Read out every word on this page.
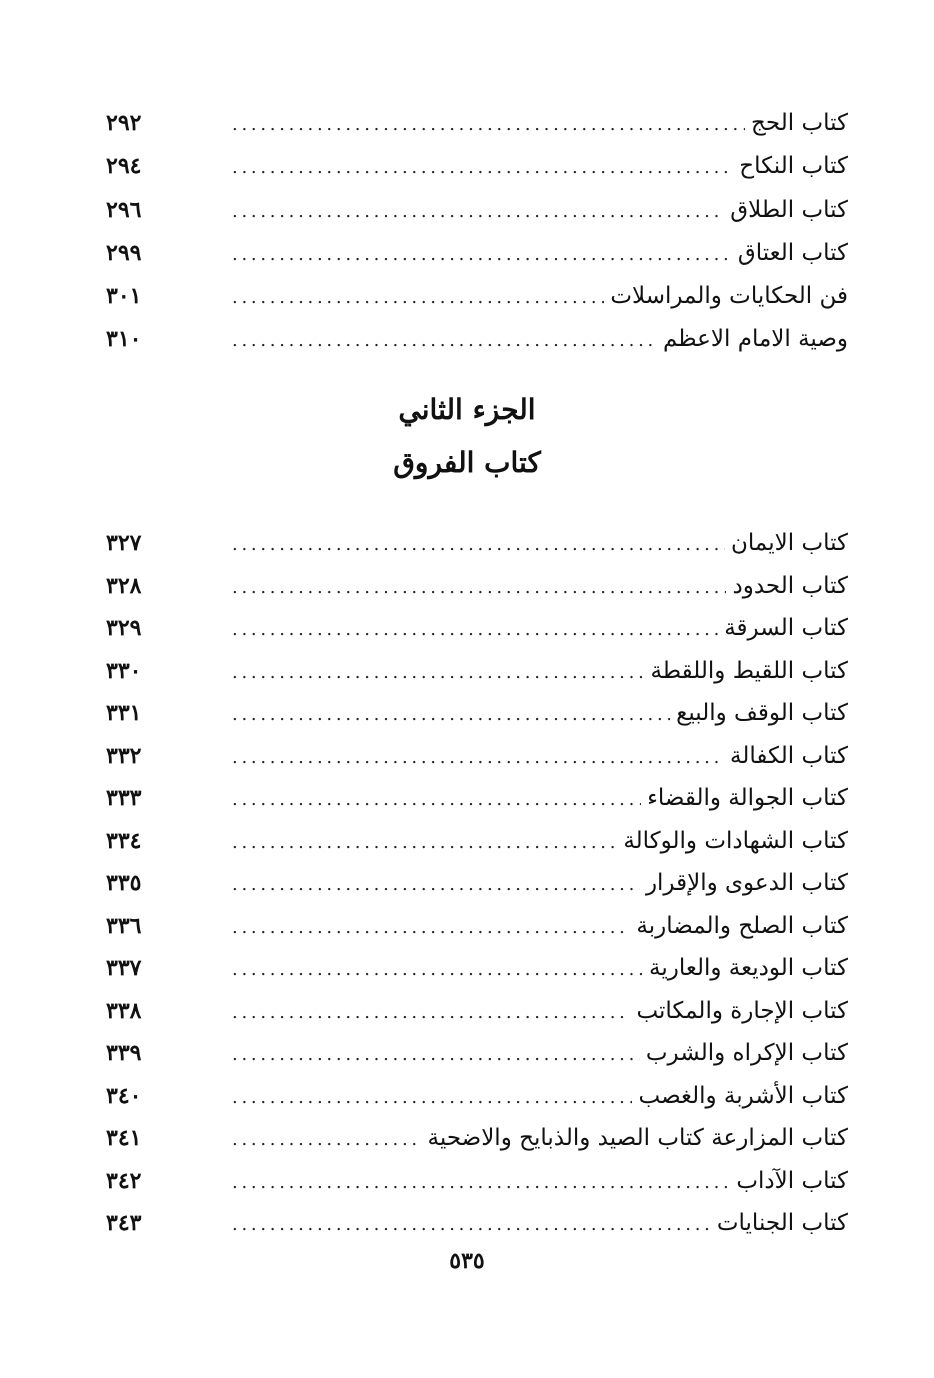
كتاب الحج
. . .
٢٩٢
كتاب النكاح
. . .
٢٩٤
كتاب الطلاق
. . .
٢٩٦
كتاب العتاق
. . .
٢٩٩
فن الحكايات والمراسلات
. . .
٣٠١
وصية الامام الاعظم
. . .
٣١٠
الجزء الثاني
كتاب الفروق
كتاب الايمان
. . .
٣٢٧
كتاب الحدود
. . .
٣٢٨
كتاب السرقة
. . .
٣٢٩
كتاب اللقيط واللقطة
. . .
٣٣٠
كتاب الوقف والبيع
. . .
٣٣١
كتاب الكفالة
. . .
٣٣٢
كتاب الجوالة والقضاء
. . .
٣٣٣
كتاب الشهادات والوكالة
. . .
٣٣٤
كتاب الدعوى والإقرار
. . .
٣٣٥
كتاب الصلح والمضاربة
. . .
٣٣٦
كتاب الوديعة والعارية
. . .
٣٣٧
كتاب الإجارة والمكاتب
. . .
٣٣٨
كتاب الإكراه والشرب
. . .
٣٣٩
كتاب الأشربة والغصب
. . .
٣٤٠
كتاب المزارعة كتاب الصيد والذبايح والاضحية
. . .
٣٤١
كتاب الآداب
. . .
٣٤٢
كتاب الجنايات
. . .
٣٤٣
٥٣٥
